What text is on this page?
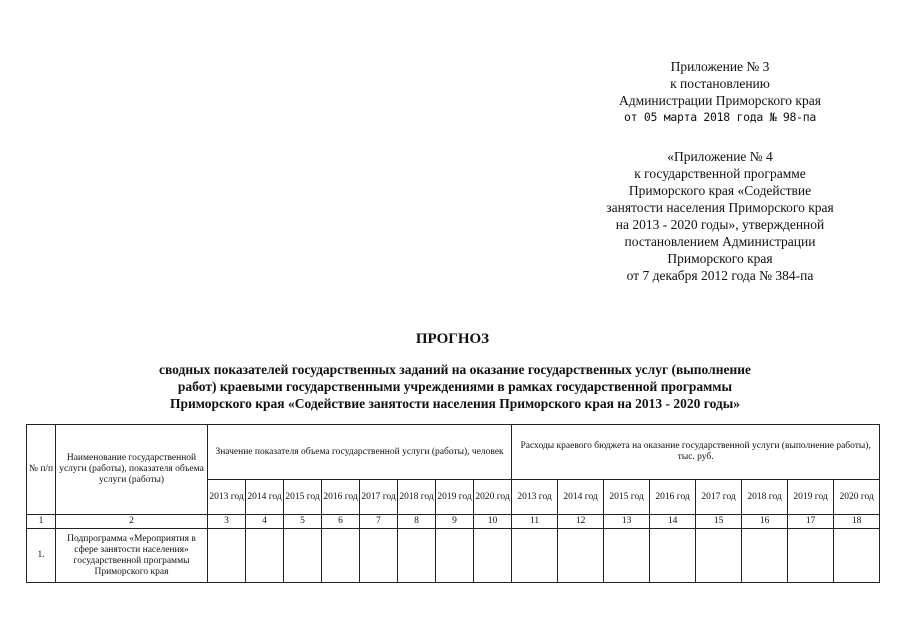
Приложение № 3
к постановлению
Администрации Приморского края
от 05 марта 2018 года № 98-па
«Приложение № 4
к государственной программе
Приморского края «Содействие
занятости населения Приморского края
на 2013 - 2020 годы», утвержденной
постановлением Администрации
Приморского края
от 7 декабря 2012 года № 384-па
ПРОГНОЗ
сводных показателей государственных заданий на оказание государственных услуг (выполнение
работ) краевыми государственными учреждениями в рамках государственной программы
Приморского края «Содействие занятости населения Приморского края на 2013 - 2020 годы»
№ п/п	Наименование государственной услуги (работы), показателя объема услуги (работы)	Значение показателя объема государственной услуги (работы), человек								Расходы краевого бюджета на оказание государственной услуги (выполнение работы), тыс. руб.							
		2013 год	2014 год	2015 год	2016 год	2017 год	2018 год	2019 год	2020 год	2013 год	2014 год	2015 год	2016 год	2017 год	2018 год	2019 год	2020 год
1	2	3	4	5	6	7	8	9	10	11	12	13	14	15	16	17	18
1.	Подпрограмма «Мероприятия в сфере занятости населения» государственной программы Приморского края																
